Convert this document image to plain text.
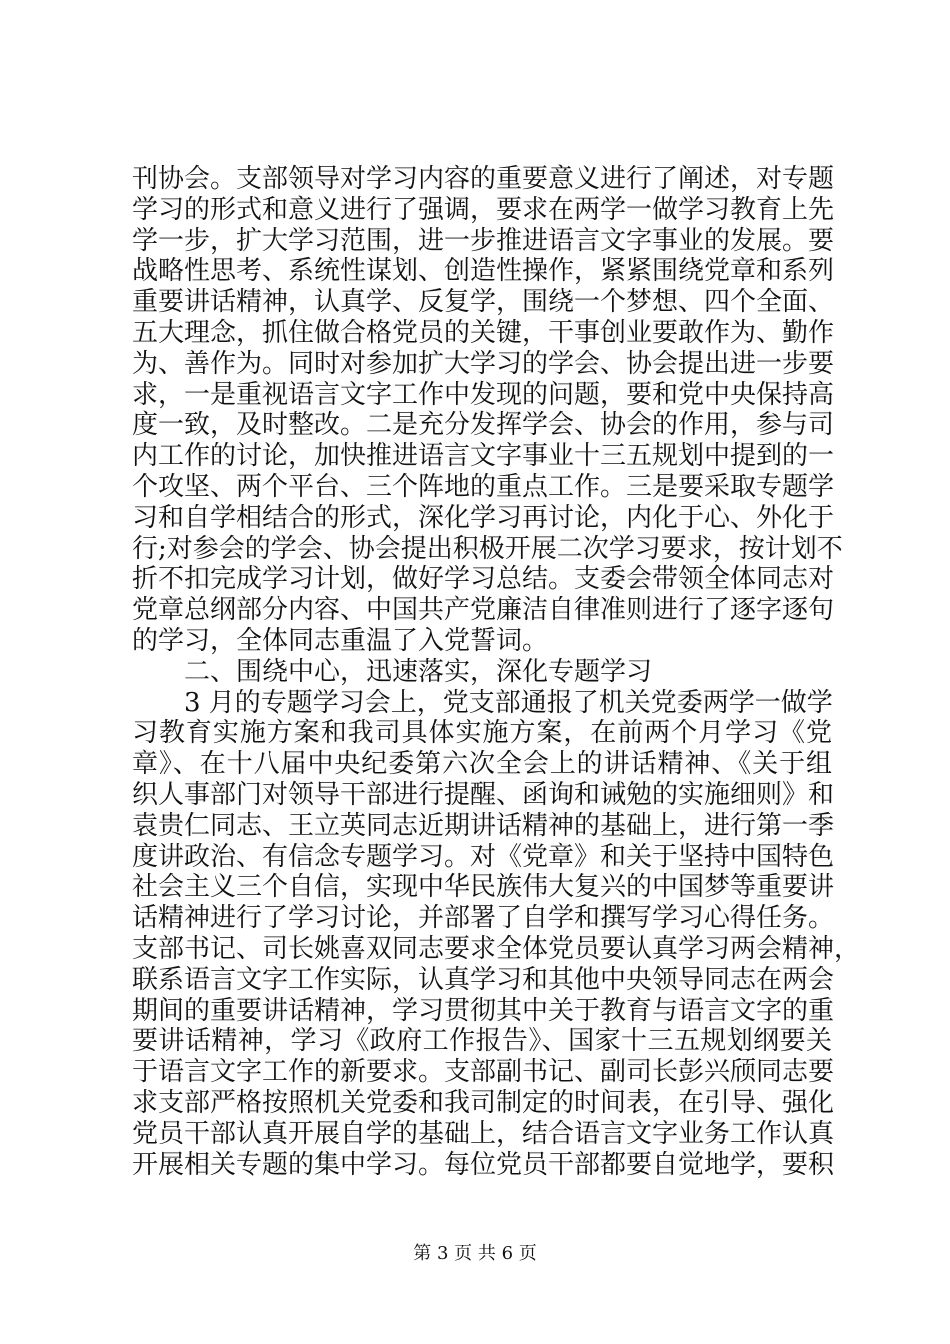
刊协会。支部领导对学习内容的重要意义进行了阐述，对专题
学习的形式和意义进行了强调，要求在两学一做学习教育上先
学一步，扩大学习范围，进一步推进语言文字事业的发展。要
战略性思考、系统性谋划、创造性操作，紧紧围绕党章和系列
重要讲话精神，认真学、反复学，围绕一个梦想、四个全面、
五大理念，抓住做合格党员的关键，干事创业要敢作为、勤作
为、善作为。同时对参加扩大学习的学会、协会提出进一步要
求，一是重视语言文字工作中发现的问题，要和党中央保持高
度一致，及时整改。二是充分发挥学会、协会的作用，参与司
内工作的讨论，加快推进语言文字事业十三五规划中提到的一
个攻坚、两个平台、三个阵地的重点工作。三是要采取专题学
习和自学相结合的形式，深化学习再讨论，内化于心、外化于
行;对参会的学会、协会提出积极开展二次学习要求，按计划不
折不扣完成学习计划，做好学习总结。支委会带领全体同志对
党章总纲部分内容、中国共产党廉洁自律准则进行了逐字逐句
的学习，全体同志重温了入党誓词。
二、围绕中心，迅速落实，深化专题学习
3 月的专题学习会上，党支部通报了机关党委两学一做学
习教育实施方案和我司具体实施方案，在前两个月学习《党
章》、在十八届中央纪委第六次全会上的讲话精神、《关于组
织人事部门对领导干部进行提醒、函询和诫勉的实施细则》和
袁贵仁同志、王立英同志近期讲话精神的基础上，进行第一季
度讲政治、有信念专题学习。对《党章》和关于坚持中国特色
社会主义三个自信，实现中华民族伟大复兴的中国梦等重要讲
话精神进行了学习讨论，并部署了自学和撰写学习心得任务。
支部书记、司长姚喜双同志要求全体党员要认真学习两会精神，
联系语言文字工作实际，认真学习和其他中央领导同志在两会
期间的重要讲话精神，学习贯彻其中关于教育与语言文字的重
要讲话精神，学习《政府工作报告》、国家十三五规划纲要关
于语言文字工作的新要求。支部副书记、副司长彭兴颀同志要
求支部严格按照机关党委和我司制定的时间表，在引导、强化
党员干部认真开展自学的基础上，结合语言文字业务工作认真
开展相关专题的集中学习。每位党员干部都要自觉地学，要积
第 3 页 共 6 页
